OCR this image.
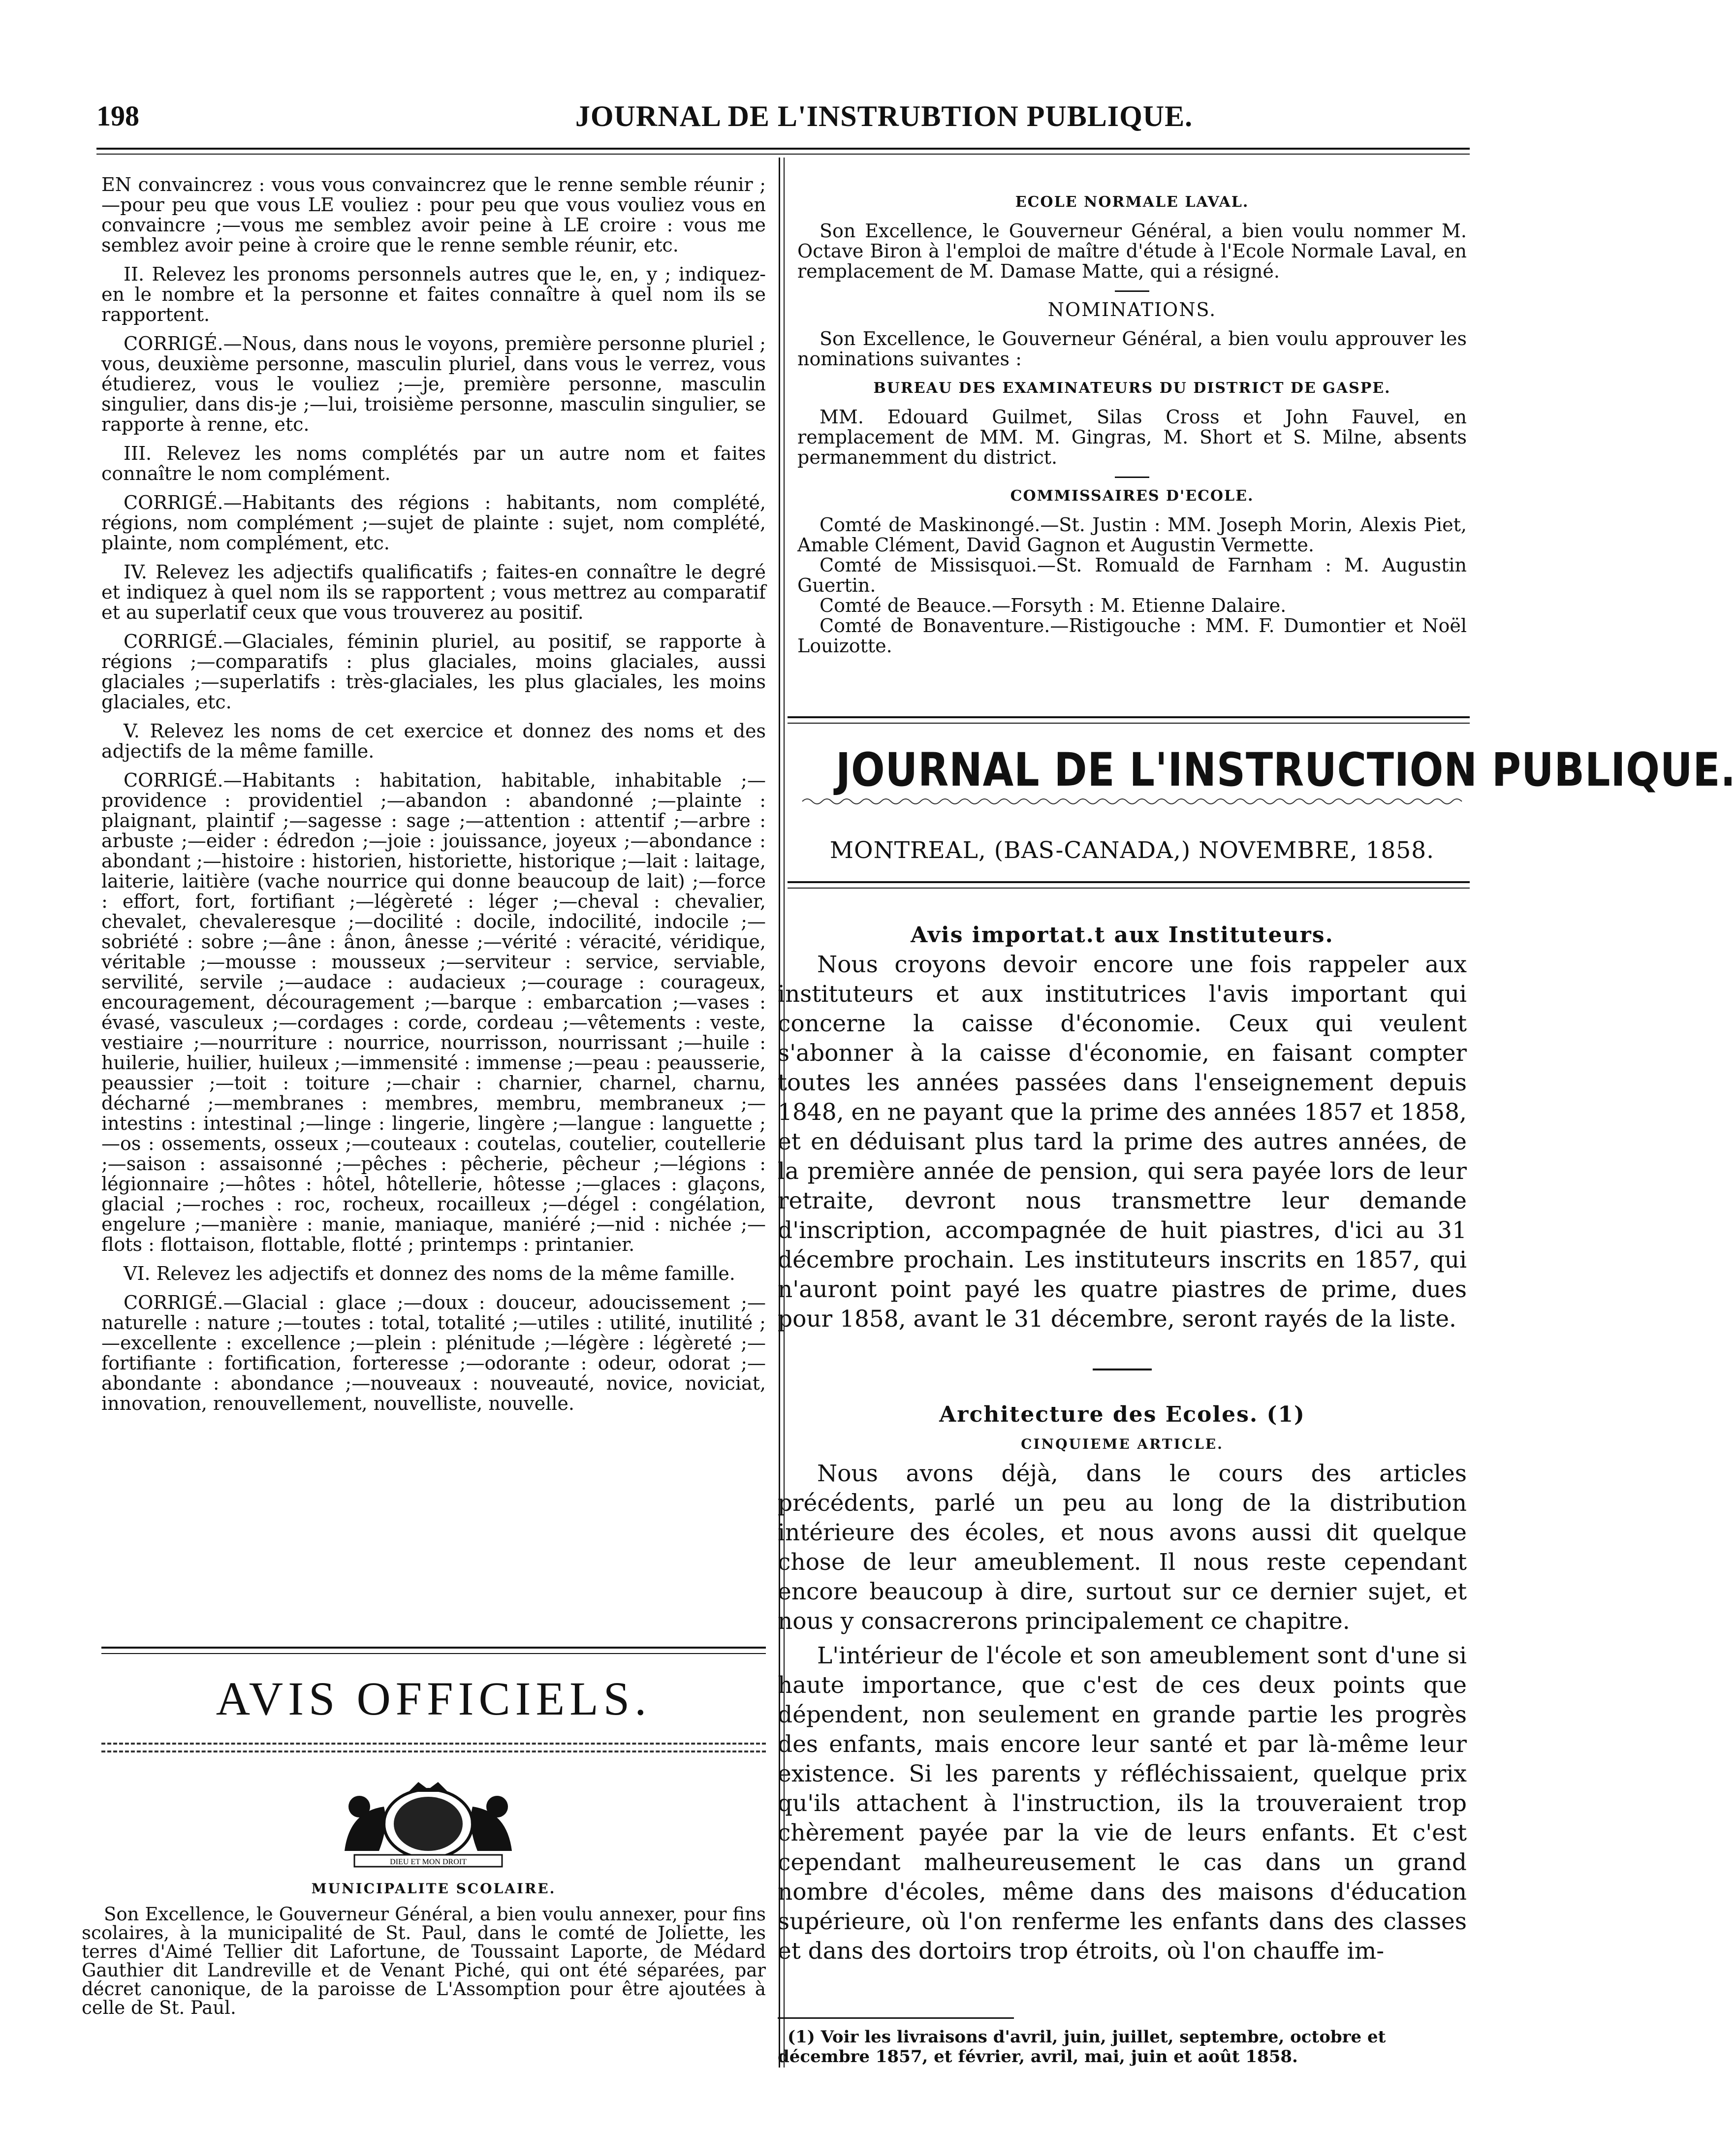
198	JOURNAL DE L'INSTRUBTION PUBLIQUE.

EN convaincrez : vous vous convaincrez que le renne semble réunir ;—pour peu que vous LE vouliez : pour peu que vous vouliez vous en convaincre ;—vous me semblez avoir peine à LE croire : vous me semblez avoir peine à croire que le renne semble réunir, etc.

II. Relevez les pronoms personnels autres que le, en, y ; indiquez-en le nombre et la personne et faites connaître à quel nom ils se rapportent.

CORRIGÉ.—Nous, dans nous le voyons, première personne pluriel ; vous, deuxième personne, masculin pluriel, dans vous le verrez, vous étudierez, vous le vouliez ;—je, première personne, masculin singulier, dans dis-je ;—lui, troisième personne, masculin singulier, se rapporte à renne, etc.

III. Relevez les noms complétés par un autre nom et faites connaître le nom complément.

CORRIGÉ.—Habitants des régions : habitants, nom complété, régions, nom complément ;—sujet de plainte : sujet, nom complété, plainte, nom complément, etc.

IV. Relevez les adjectifs qualificatifs ; faites-en connaître le degré et indiquez à quel nom ils se rapportent ; vous mettrez au comparatif et au superlatif ceux que vous trouverez au positif.

CORRIGÉ.—Glaciales, féminin pluriel, au positif, se rapporte à régions ;—comparatifs : plus glaciales, moins glaciales, aussi glaciales ;—superlatifs : très-glaciales, les plus glaciales, les moins glaciales, etc.

V. Relevez les noms de cet exercice et donnez des noms et des adjectifs de la même famille.

CORRIGÉ.—Habitants : habitation, habitable, inhabitable ;—providence : providentiel ;—abandon : abandonné ;—plainte : plaignant, plaintif ;—sagesse : sage ;—attention : attentif ;—arbre : arbuste ;—eider : édredon ;—joie : jouissance, joyeux ;—abondance : abondant ;—histoire : historien, historiette, historique ;—lait : laitage, laiterie, laitière (vache nourrice qui donne beaucoup de lait) ;—force : effort, fort, fortifiant ;—légèreté : léger ;—cheval : chevalier, chevalet, chevaleresque ;—docilité : docile, indocilité, indocile ;—sobriété : sobre ;—âne : ânon, ânesse ;—vérité : véracité, véridique, véritable ;—mousse : mousseux ;—serviteur : service, serviable, servilité, servile ;—audace : audacieux ;—courage : courageux, encouragement, découragement ;—barque : embarcation ;—vases : évasé, vasculeux ;—cordages : corde, cordeau ;—vêtements : veste, vestiaire ;—nourriture : nourrice, nourrisson, nourrissant ;—huile : huilerie, huilier, huileux ;—immensité : immense ;—peau : peausserie, peaussier ;—toit : toiture ;—chair : charnier, charnel, charnu, décharné ;—membranes : membres, membru, membraneux ;—intestins : intestinal ;—linge : lingerie, lingère ;—langue : languette ;—os : ossements, osseux ;—couteaux : coutelas, coutelier, coutellerie ;—saison : assaisonné ;—pêches : pêcherie, pêcheur ;—légions : légionnaire ;—hôtes : hôtel, hôtellerie, hôtesse ;—glaces : glaçons, glacial ;—roches : roc, rocheux, rocailleux ;—dégel : congélation, engelure ;—manière : manie, maniaque, maniéré ;—nid : nichée ;—flots : flottaison, flottable, flotté ; printemps : printanier.

VI. Relevez les adjectifs et donnez des noms de la même famille.

CORRIGÉ.—Glacial : glace ;—doux : douceur, adoucissement ;—naturelle : nature ;—toutes : total, totalité ;—utiles : utilité, inutilité ;—excellente : excellence ;—plein : plénitude ;—légère : légèreté ;—fortifiante : fortification, forteresse ;—odorante : odeur, odorat ;—abondante : abondance ;—nouveaux : nouveauté, novice, noviciat, innovation, renouvellement, nouvelliste, nouvelle.

AVIS OFFICIELS.
DIEU ET MON DROIT
MUNICIPALITE SCOLAIRE.

Son Excellence, le Gouverneur Général, a bien voulu annexer, pour fins scolaires, à la municipalité de St. Paul, dans le comté de Joliette, les terres d'Aimé Tellier dit Lafortune, de Toussaint Laporte, de Médard Gauthier dit Landreville et de Venant Piché, qui ont été séparées, par décret canonique, de la paroisse de L'Assomption pour être ajoutées à celle de St. Paul.

ECOLE NORMALE LAVAL.

Son Excellence, le Gouverneur Général, a bien voulu nommer M. Octave Biron à l'emploi de maître d'étude à l'Ecole Normale Laval, en remplacement de M. Damase Matte, qui a résigné.

NOMINATIONS.

Son Excellence, le Gouverneur Général, a bien voulu approuver les nominations suivantes :

BUREAU DES EXAMINATEURS DU DISTRICT DE GASPE.

MM. Edouard Guilmet, Silas Cross et John Fauvel, en remplacement de MM. M. Gingras, M. Short et S. Milne, absents permanemment du district.

COMMISSAIRES D'ECOLE.

Comté de Maskinongé.—St. Justin : MM. Joseph Morin, Alexis Piet, Amable Clément, David Gagnon et Augustin Vermette.

Comté de Missisquoi.—St. Romuald de Farnham : M. Augustin Guertin.

Comté de Beauce.—Forsyth : M. Etienne Dalaire.

Comté de Bonaventure.—Ristigouche : MM. F. Dumontier et Noël Louizotte.

JOURNAL DE L'INSTRUCTION PUBLIQUE.
MONTREAL, (BAS-CANADA,) NOVEMBRE, 1858.

Avis importat.t aux Instituteurs.

Nous croyons devoir encore une fois rappeler aux instituteurs et aux institutrices l'avis important qui concerne la caisse d'économie. Ceux qui veulent s'abonner à la caisse d'économie, en faisant compter toutes les années passées dans l'enseignement depuis 1848, en ne payant que la prime des années 1857 et 1858, et en déduisant plus tard la prime des autres années, de la première année de pension, qui sera payée lors de leur retraite, devront nous transmettre leur demande d'inscription, accompagnée de huit piastres, d'ici au 31 décembre prochain. Les instituteurs inscrits en 1857, qui n'auront point payé les quatre piastres de prime, dues pour 1858, avant le 31 décembre, seront rayés de la liste.

Architecture des Ecoles. (1)

CINQUIEME ARTICLE.

Nous avons déjà, dans le cours des articles précédents, parlé un peu au long de la distribution intérieure des écoles, et nous avons aussi dit quelque chose de leur ameublement. Il nous reste cependant encore beaucoup à dire, surtout sur ce dernier sujet, et nous y consacrerons principalement ce chapitre.

L'intérieur de l'école et son ameublement sont d'une si haute importance, que c'est de ces deux points que dépendent, non seulement en grande partie les progrès des enfants, mais encore leur santé et par là-même leur existence. Si les parents y réfléchissaient, quelque prix qu'ils attachent à l'instruction, ils la trouveraient trop chèrement payée par la vie de leurs enfants. Et c'est cependant malheureusement le cas dans un grand nombre d'écoles, même dans des maisons d'éducation supérieure, où l'on renferme les enfants dans des classes et dans des dortoirs trop étroits, où l'on chauffe im-

(1) Voir les livraisons d'avril, juin, juillet, septembre, octobre et décembre 1857, et février, avril, mai, juin et août 1858.
